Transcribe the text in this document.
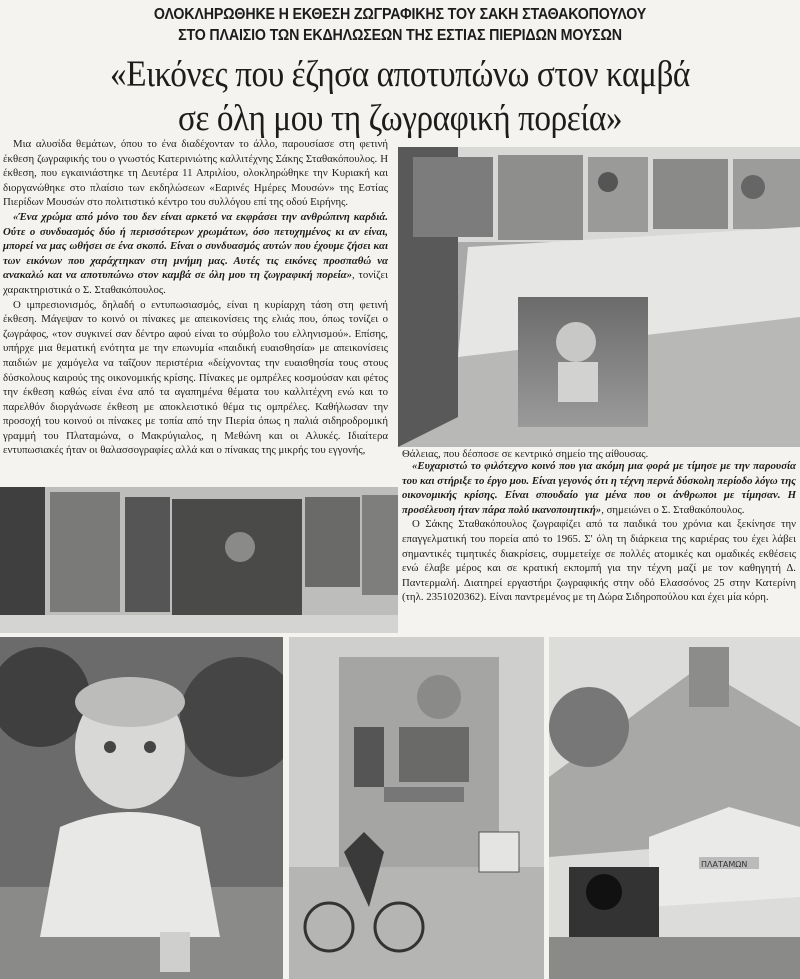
ΟΛΟΚΛΗΡΩΘΗΚΕ Η ΕΚΘΕΣΗ ΖΩΓΡΑΦΙΚΗΣ ΤΟΥ ΣΑΚΗ ΣΤΑΘΑΚΟΠΟΥΛΟΥ
ΣΤΟ ΠΛΑΙΣΙΟ ΤΩΝ ΕΚΔΗΛΩΣΕΩΝ ΤΗΣ ΕΣΤΙΑΣ ΠΙΕΡΙΔΩΝ ΜΟΥΣΩΝ
«Εικόνες που έζησα αποτυπώνω στον καμβά
σε όλη μου τη ζωγραφική πορεία»

Μια αλυσίδα θεμάτων, όπου το ένα διαδέχονταν το άλλο, παρουσίασε στη φετινή έκθεση ζωγραφικής του ο γνωστός Κατερινιώτης καλλιτέχνης Σάκης Σταθακόπουλος. Η έκθεση, που εγκαινιάστηκε τη Δευτέρα 11 Απριλίου, ολοκληρώθηκε την Κυριακή και διοργανώθηκε στο πλαίσιο των εκδηλώσεων «Εαρινές Ημέρες Μουσών» της Εστίας Πιερίδων Μουσών στο πολιτιστικό κέντρο του συλλόγου επί της οδού Ειρήνης.

«Ένα χρώμα από μόνο του δεν είναι αρκετό να εκφράσει την ανθρώπινη καρδιά. Ούτε ο συνδυασμός δύο ή περισσότερων χρωμάτων, όσο πετυχημένος κι αν είναι, μπορεί να μας ωθήσει σε ένα σκοπό. Είναι ο συνδυασμός αυτών που έχουμε ζήσει και των εικόνων που χαράχτηκαν στη μνήμη μας. Αυτές τις εικόνες προσπαθώ να ανακαλώ και να αποτυπώνω στον καμβά σε όλη μου τη ζωγραφική πορεία», τονίζει χαρακτηριστικά ο Σ. Σταθακόπουλος.

Ο ιμπρεσιονισμός, δηλαδή ο εντυπωσιασμός, είναι η κυρίαρχη τάση στη φετινή έκθεση. Μάγεψαν το κοινό οι πίνακες με απεικονίσεις της ελιάς που, όπως τονίζει ο ζωγράφος, «τον συγκινεί σαν δέντρο αφού είναι το σύμβολο του ελληνισμού». Επίσης, υπήρχε μια θεματική ενότητα με την επωνυμία «παιδική ευαισθησία» με απεικονίσεις παιδιών με χαμόγελα να ταΐζουν περιστέρια «δείχνοντας την ευαισθησία τους στους δύσκολους καιρούς της οικονομικής κρίσης. Πίνακες με ομπρέλες κοσμούσαν και φέτος την έκθεση καθώς είναι ένα από τα αγαπημένα θέματα του καλλιτέχνη ενώ και το παρελθόν διοργάνωσε έκθεση με αποκλειστικό θέμα τις ομπρέλες. Καθήλωσαν την προσοχή του κοινού οι πίνακες με τοπία από την Πιερία όπως η παλιά σιδηροδρομική γραμμή του Πλαταμώνα, ο Μακρύγιαλος, η Μεθώνη και οι Αλυκές. Ιδιαίτερα εντυπωσιακές ήταν οι θαλασσογραφίες αλλά και ο πίνακας της μικρής του εγγονής,	Θάλειας, που δέσποσε σε κεντρικό σημείο της αίθουσας.

«Ευχαριστώ το φιλότεχνο κοινό που για ακόμη μια φορά με τίμησε με την παρουσία του και στήριξε το έργο μου. Είναι γεγονός ότι η τέχνη περνά δύσκολη περίοδο λόγω της οικονομικής κρίσης. Είναι σπουδαίο για μένα που οι άνθρωποι με τίμησαν. Η προσέλευση ήταν πάρα πολύ ικανοποιητική», σημειώνει ο Σ. Σταθακόπουλος.

Ο Σάκης Σταθακόπουλος ζωγραφίζει από τα παιδικά του χρόνια και ξεκίνησε την επαγγελματική του πορεία από το 1965. Σ' όλη τη διάρκεια της καριέρας του έχει λάβει σημαντικές τιμητικές διακρίσεις, συμμετείχε σε πολλές ατομικές και ομαδικές εκθέσεις ενώ έλαβε μέρος και σε κρατική εκπομπή για την τέχνη μαζί με τον καθηγητή Δ. Παντερμαλή. Διατηρεί εργαστήρι ζωγραφικής στην οδό Ελασσόνος 25 στην Κατερίνη (τηλ. 2351020362). Είναι παντρεμένος με τη Δώρα Σιδηροπούλου και έχει μία κόρη.

ΠΛΑΤΑΜΩΝ
